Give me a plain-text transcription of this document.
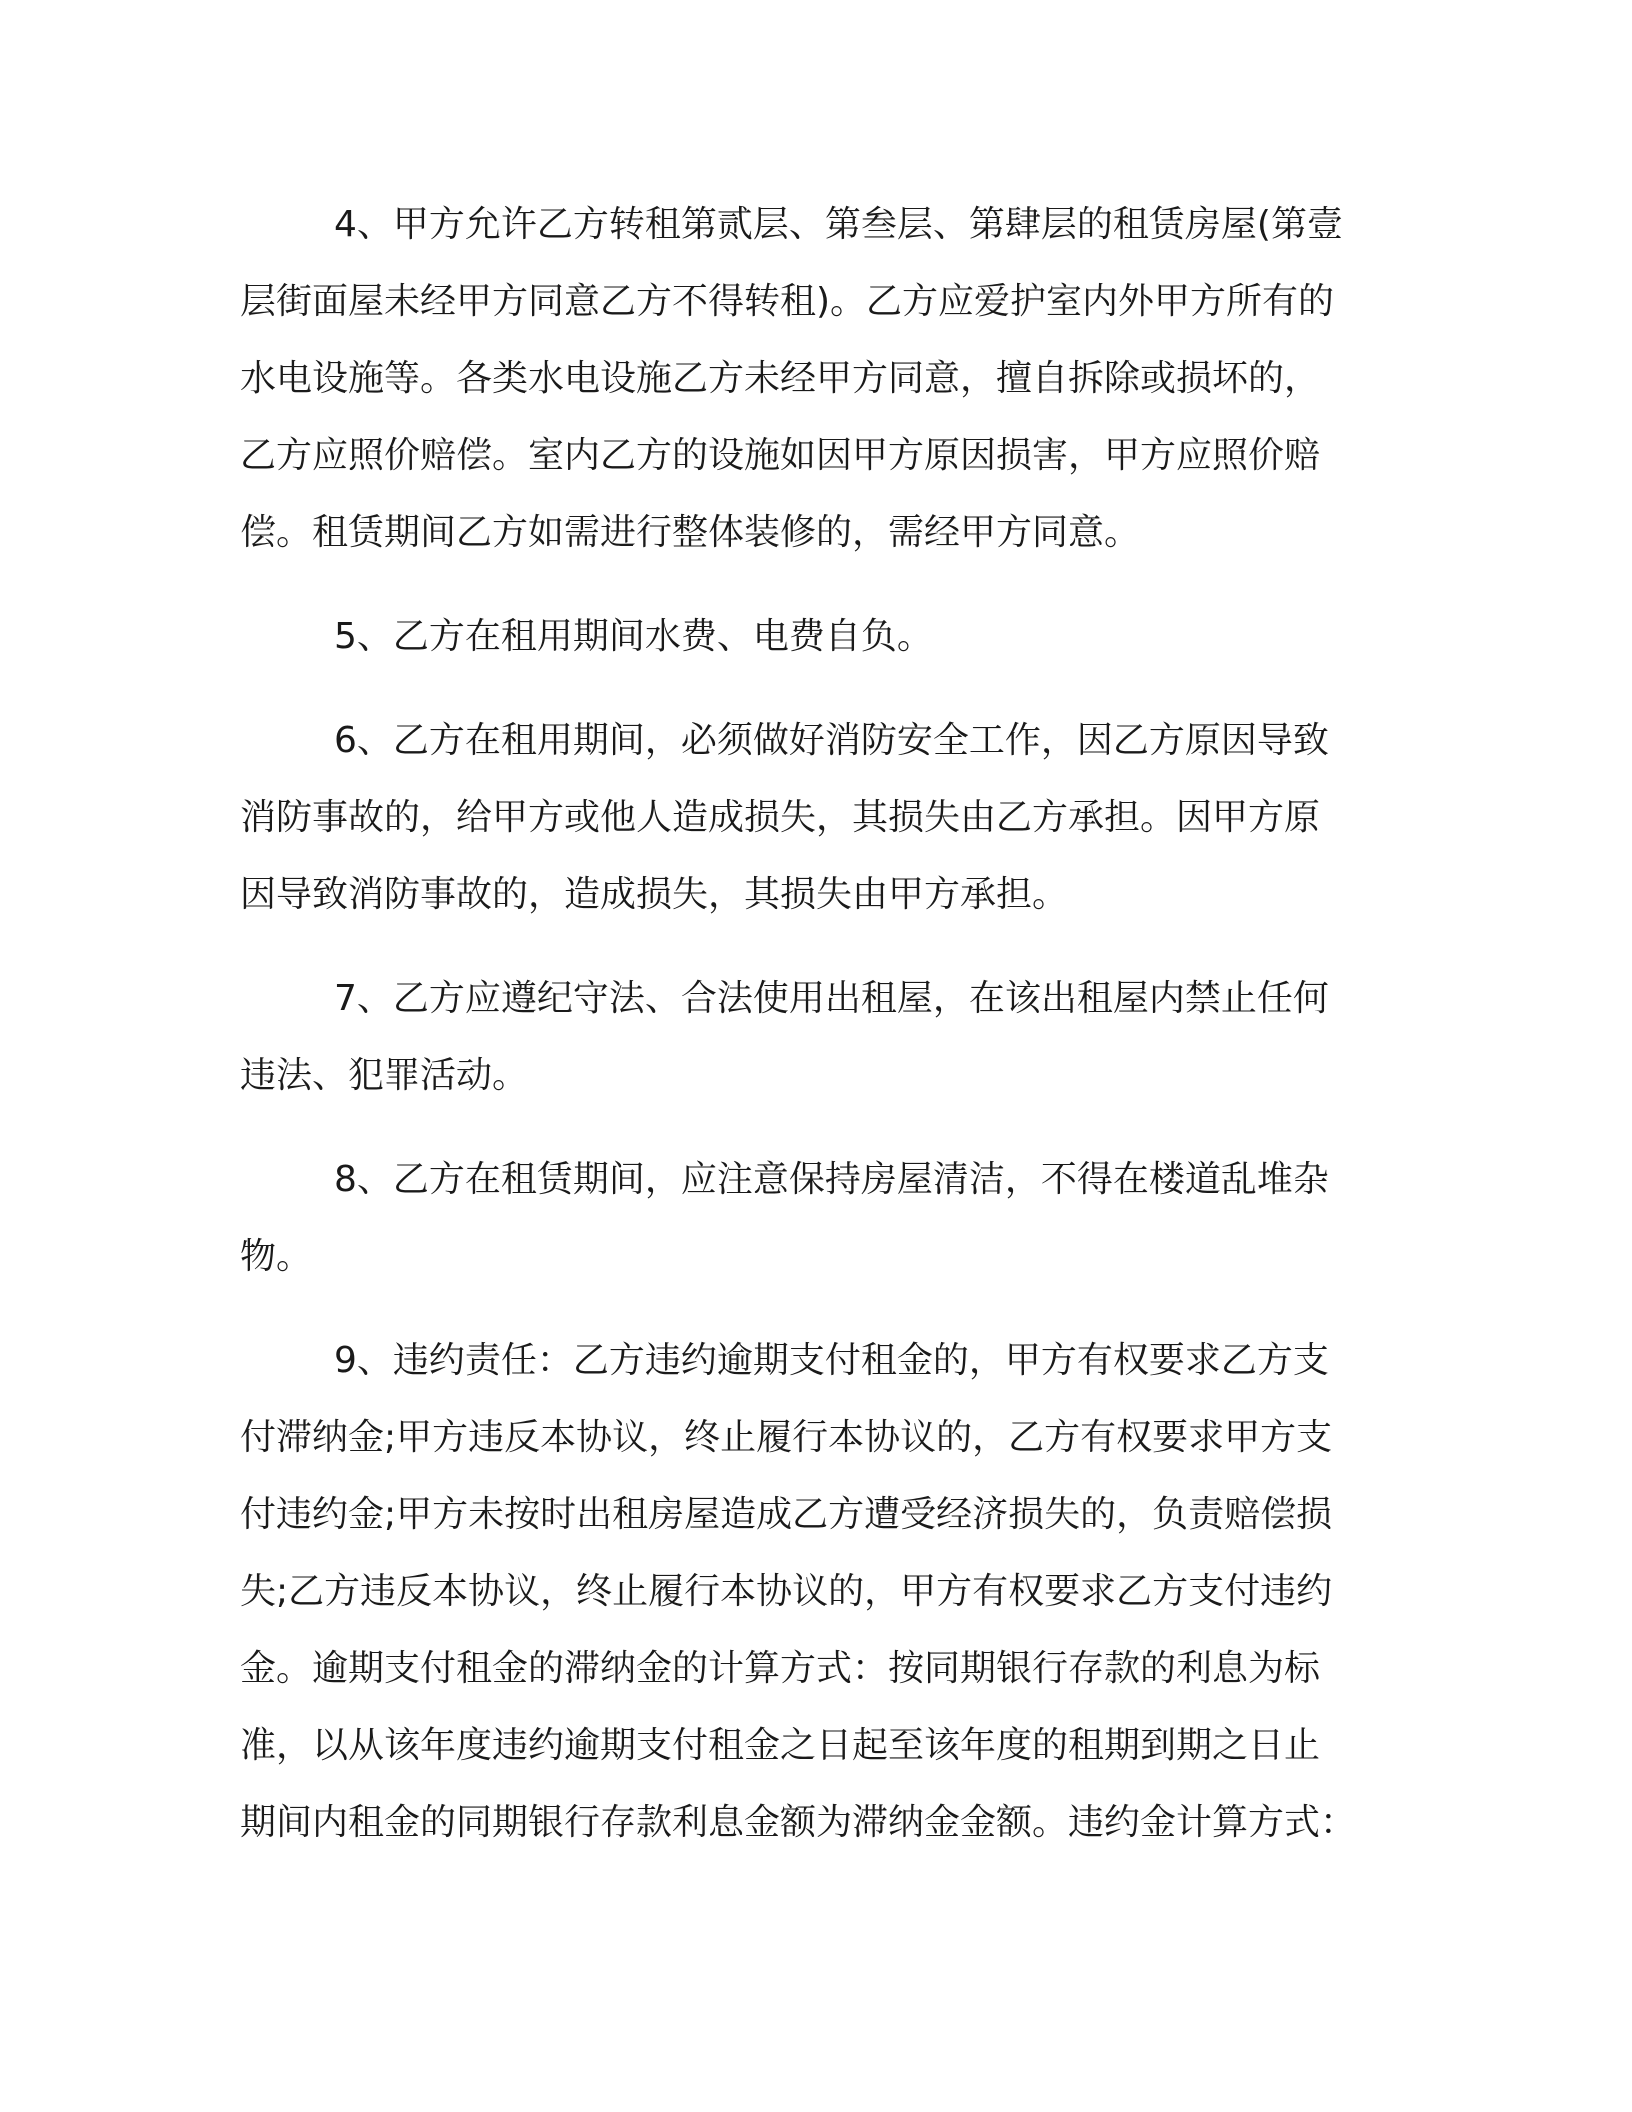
4、甲方允许乙方转租第贰层、第叁层、第肆层的租赁房屋(第壹
层街面屋未经甲方同意乙方不得转租)。乙方应爱护室内外甲方所有的
水电设施等。各类水电设施乙方未经甲方同意，擅自拆除或损坏的，
乙方应照价赔偿。室内乙方的设施如因甲方原因损害，甲方应照价赔
偿。租赁期间乙方如需进行整体装修的，需经甲方同意。

5、乙方在租用期间水费、电费自负。

6、乙方在租用期间，必须做好消防安全工作，因乙方原因导致
消防事故的，给甲方或他人造成损失，其损失由乙方承担。因甲方原
因导致消防事故的，造成损失，其损失由甲方承担。

7、乙方应遵纪守法、合法使用出租屋，在该出租屋内禁止任何
违法、犯罪活动。

8、乙方在租赁期间，应注意保持房屋清洁，不得在楼道乱堆杂
物。

9、违约责任：乙方违约逾期支付租金的，甲方有权要求乙方支
付滞纳金;甲方违反本协议，终止履行本协议的，乙方有权要求甲方支
付违约金;甲方未按时出租房屋造成乙方遭受经济损失的，负责赔偿损
失;乙方违反本协议，终止履行本协议的，甲方有权要求乙方支付违约
金。逾期支付租金的滞纳金的计算方式：按同期银行存款的利息为标
准，以从该年度违约逾期支付租金之日起至该年度的租期到期之日止
期间内租金的同期银行存款利息金额为滞纳金金额。违约金计算方式：
